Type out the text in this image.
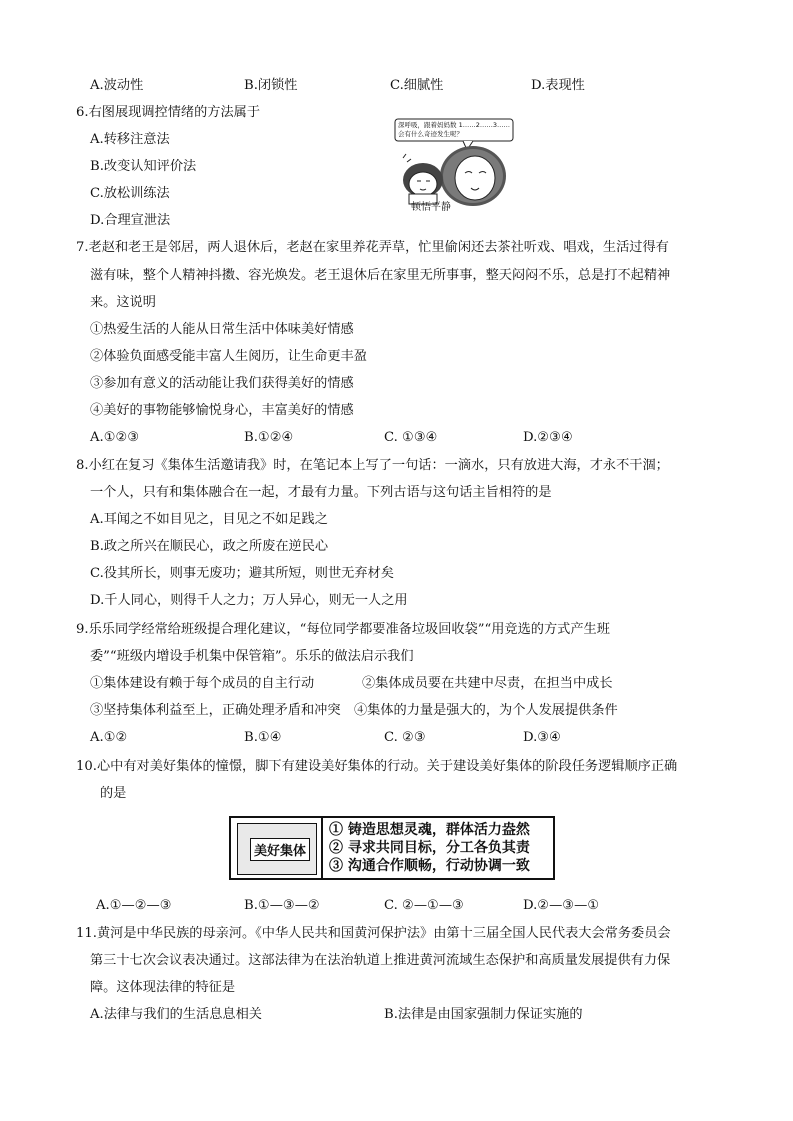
A.波动性	B.闭锁性	C.细腻性	D.表现性
6.右图展现调控情绪的方法属于
A.转移注意法
B.改变认知评价法
C.放松训练法
D.合理宣泄法
深呼吸，跟着妈妈数 1……2……3……会有什么奇迹发生呢？
顿悟平静
7.老赵和老王是邻居，两人退休后，老赵在家里养花弄草，忙里偷闲还去茶社听戏、唱戏，生活过得有
滋有味，整个人精神抖擞、容光焕发。老王退休后在家里无所事事，整天闷闷不乐，总是打不起精神
来。这说明
①热爱生活的人能从日常生活中体味美好情感
②体验负面感受能丰富人生阅历，让生命更丰盈
③参加有意义的活动能让我们获得美好的情感
④美好的事物能够愉悦身心，丰富美好的情感
A.①②③	B.①②④	C. ①③④	D.②③④
8.小红在复习《集体生活邀请我》时，在笔记本上写了一句话：一滴水，只有放进大海，才永不干涸；
一个人，只有和集体融合在一起，才最有力量。下列古语与这句话主旨相符的是
A.耳闻之不如目见之，目见之不如足践之
B.政之所兴在顺民心，政之所废在逆民心
C.役其所长，则事无废功；避其所短，则世无弃材矣
D.千人同心，则得千人之力；万人异心，则无一人之用
9.乐乐同学经常给班级提合理化建议，“每位同学都要准备垃圾回收袋”“用竞选的方式产生班
委”“班级内增设手机集中保管箱”。乐乐的做法启示我们
①集体建设有赖于每个成员的自主行动	②集体成员要在共建中尽责，在担当中成长
③坚持集体利益至上，正确处理矛盾和冲突 ④集体的力量是强大的，为个人发展提供条件
A.①②	B.①④	C. ②③	D.③④
10.心中有对美好集体的憧憬，脚下有建设美好集体的行动。关于建设美好集体的阶段任务逻辑顺序正确
的是
美好集体
① 铸造思想灵魂，群体活力盎然
② 寻求共同目标，分工各负其责
③ 沟通合作顺畅，行动协调一致
A.①—②—③	B.①—③—②	C. ②—①—③	D.②—③—①
11.黄河是中华民族的母亲河。《中华人民共和国黄河保护法》由第十三届全国人民代表大会常务委员会
第三十七次会议表决通过。这部法律为在法治轨道上推进黄河流域生态保护和高质量发展提供有力保
障。这体现法律的特征是
A.法律与我们的生活息息相关	B.法律是由国家强制力保证实施的
